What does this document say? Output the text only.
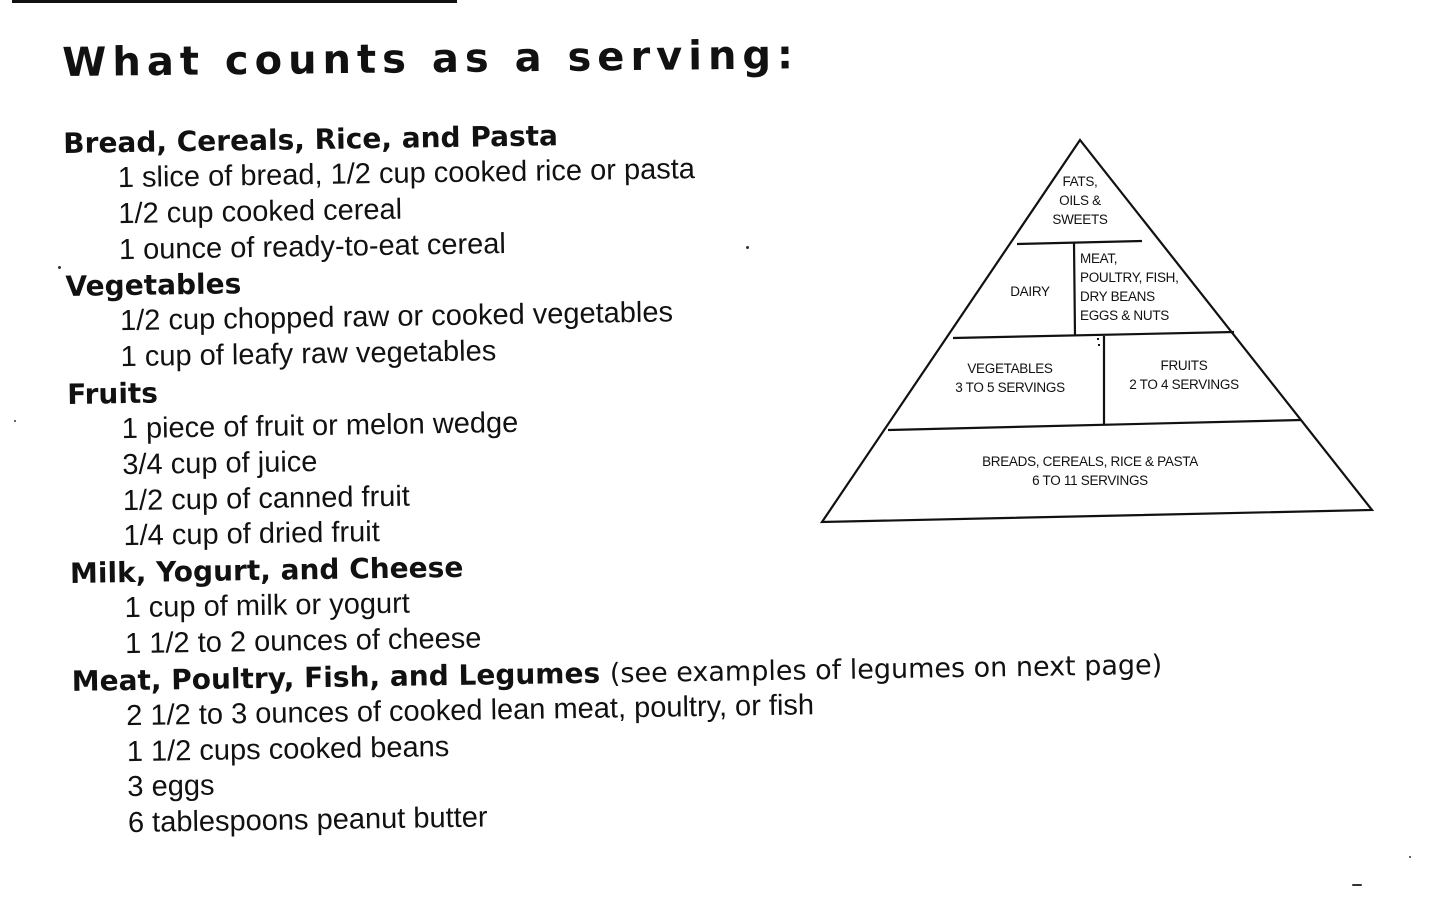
What counts as a serving:
Bread, Cereals, Rice, and Pasta
1 slice of bread, 1/2 cup cooked rice or pasta
1/2 cup cooked cereal
1 ounce of ready-to-eat cereal
Vegetables
1/2 cup chopped raw or cooked vegetables
1 cup of leafy raw vegetables
Fruits
1 piece of fruit or melon wedge
3/4 cup of juice
1/2 cup of canned fruit
1/4 cup of dried fruit
Milk, Yogurt, and Cheese
1 cup of milk or yogurt
1 1/2 to 2 ounces of cheese
Meat, Poultry, Fish, and Legumes (see examples of legumes on next page)
2 1/2 to 3 ounces of cooked lean meat, poultry, or fish
1 1/2 cups cooked beans
3 eggs
6 tablespoons peanut butter
FATS,
OILS &
SWEETS
DAIRY
MEAT,
POULTRY, FISH,
DRY BEANS
EGGS & NUTS
VEGETABLES
3 TO 5 SERVINGS
FRUITS
2 TO 4 SERVINGS
BREADS, CEREALS, RICE & PASTA
6 TO 11 SERVINGS
